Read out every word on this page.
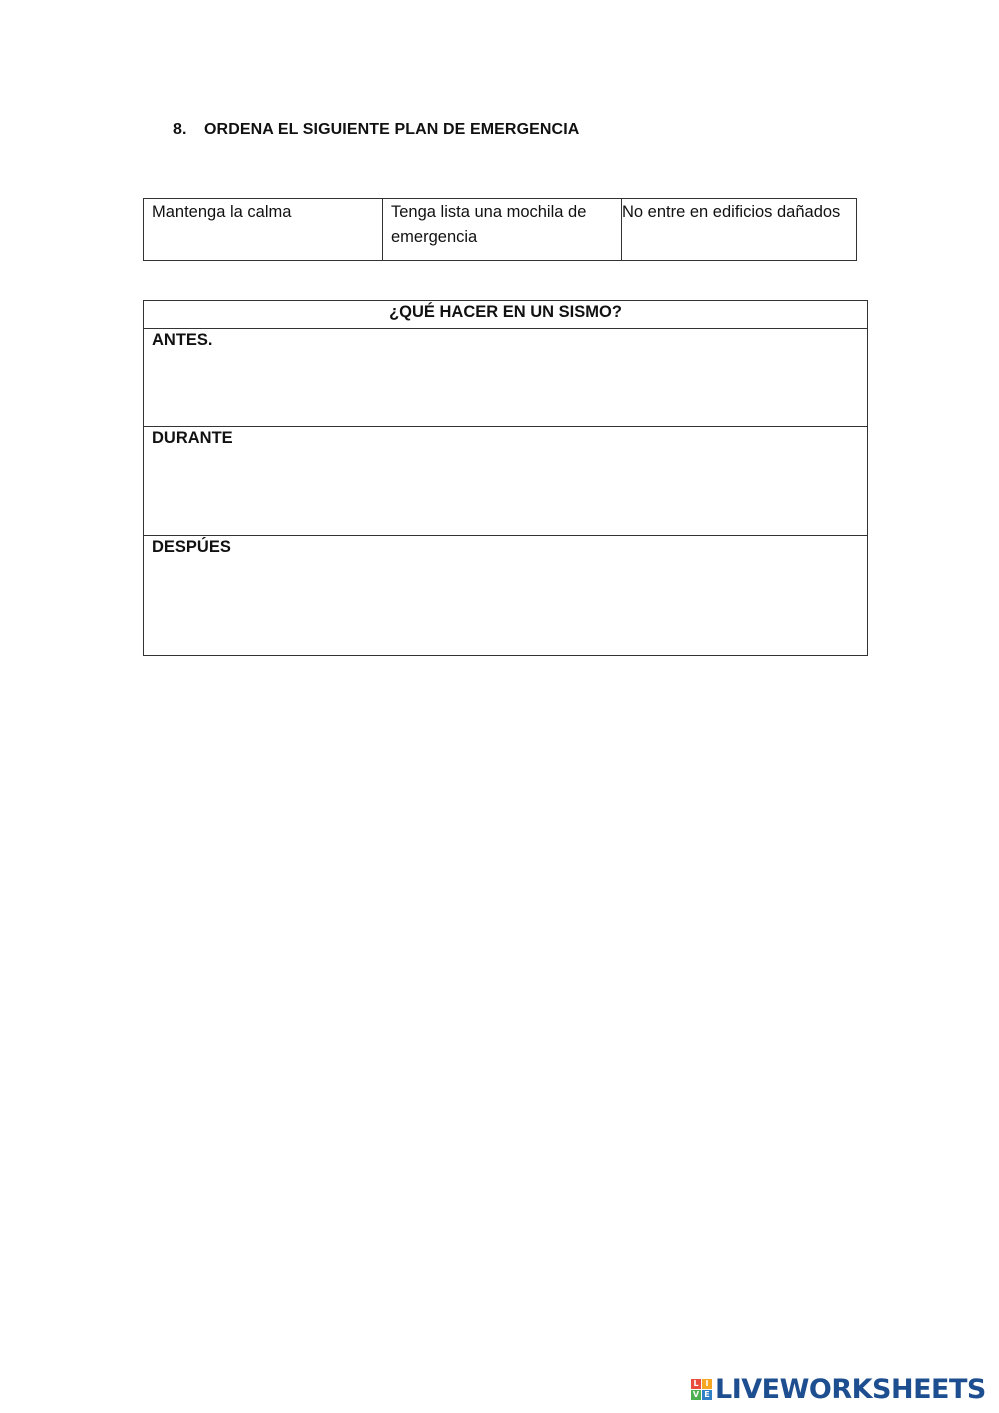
8. ORDENA EL SIGUIENTE PLAN DE EMERGENCIA
Mantenga la calma	Tenga lista una mochila de emergencia	No entre en edificios dañados
¿QUÉ HACER EN UN SISMO?
ANTES.
DURANTE
DESPÚES
L I
V E LIVEWORKSHEETS
